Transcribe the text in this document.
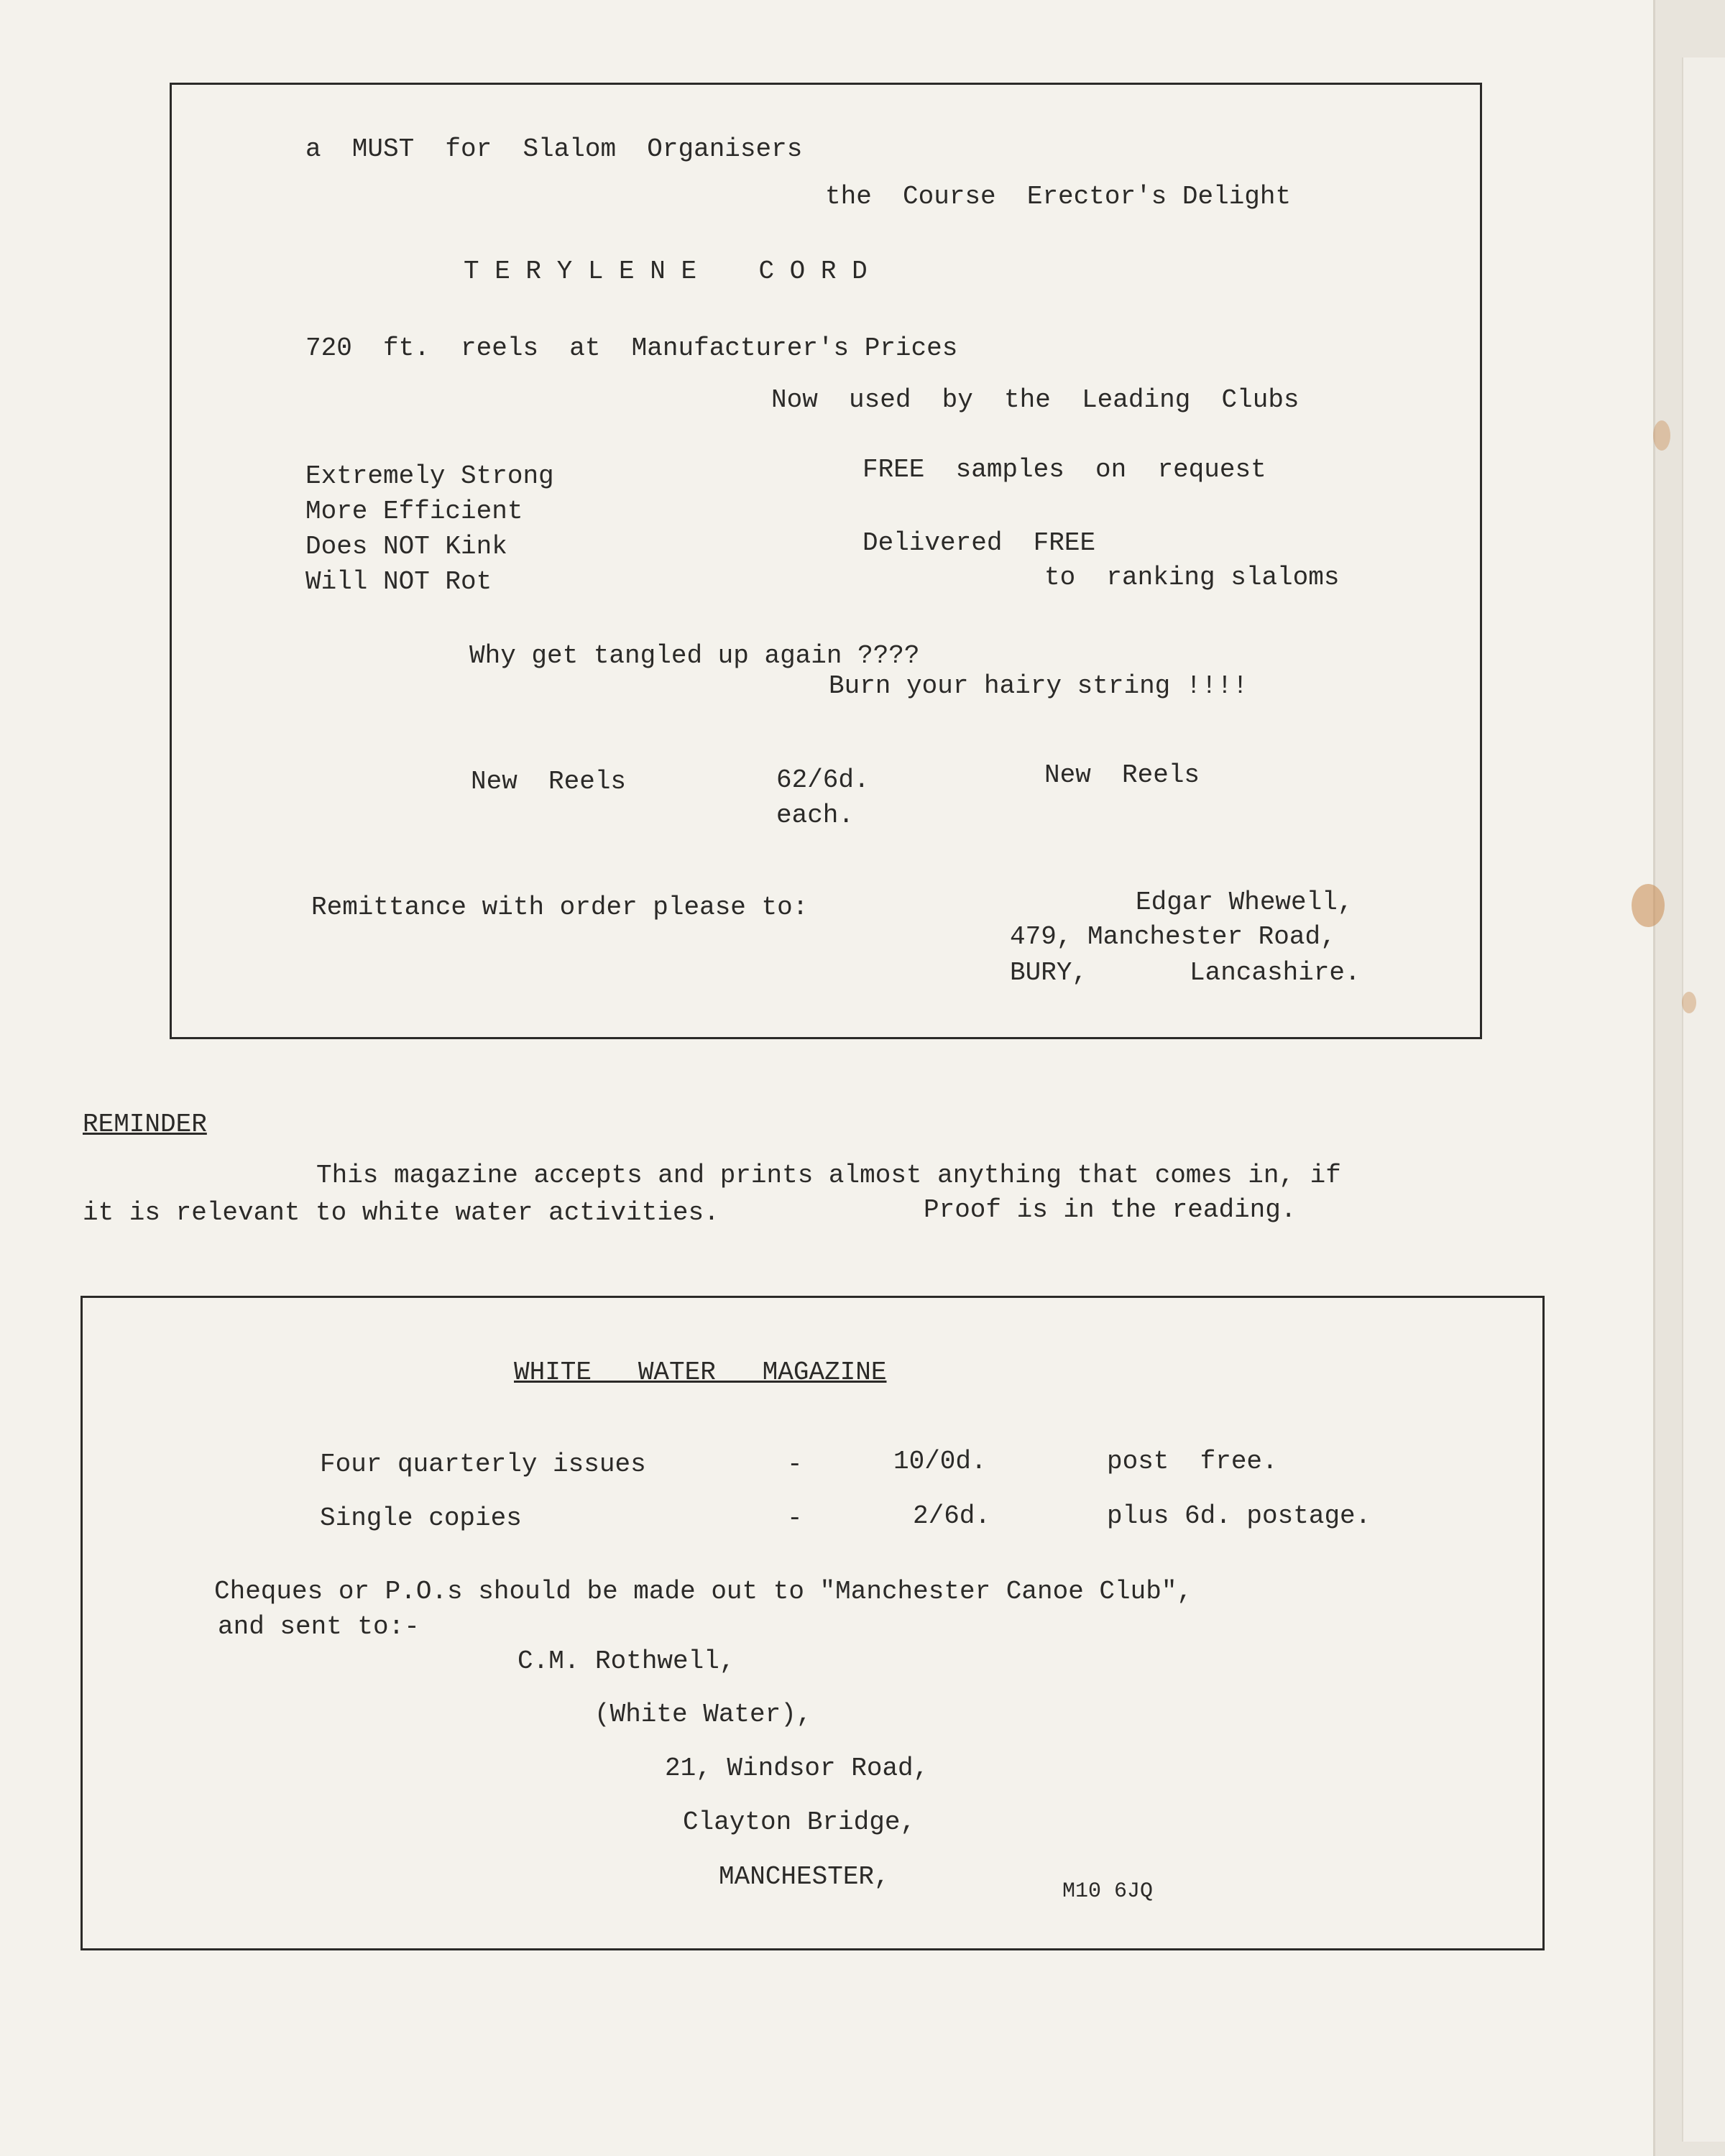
a  MUST  for  Slalom  Organisers
the  Course  Erector's Delight
T E R Y L E N E    C O R D
720  ft.  reels  at  Manufacturer's Prices
Now  used  by  the  Leading  Clubs
Extremely Strong
More Efficient
Does NOT Kink
Will NOT Rot
FREE  samples  on  request
Delivered  FREE
to  ranking slaloms
Why get tangled up again ????
Burn your hairy string !!!!
New  Reels	62/6d.
each.
New  Reels
Remittance with order please to:	Edgar Whewell,
479, Manchester Road,
BURY,	Lancashire.
REMINDER
This magazine accepts and prints almost anything that comes in, if
it is relevant to white water activities.	Proof is in the reading.
WHITE   WATER   MAGAZINE
Four quarterly issues	-	10/0d.	post  free.
Single copies	-	2/6d.	plus 6d. postage.
Cheques or P.O.s should be made out to "Manchester Canoe Club",
and sent to:-
C.M. Rothwell,
(White Water),
21, Windsor Road,
Clayton Bridge,
MANCHESTER,	M10 6JQ
